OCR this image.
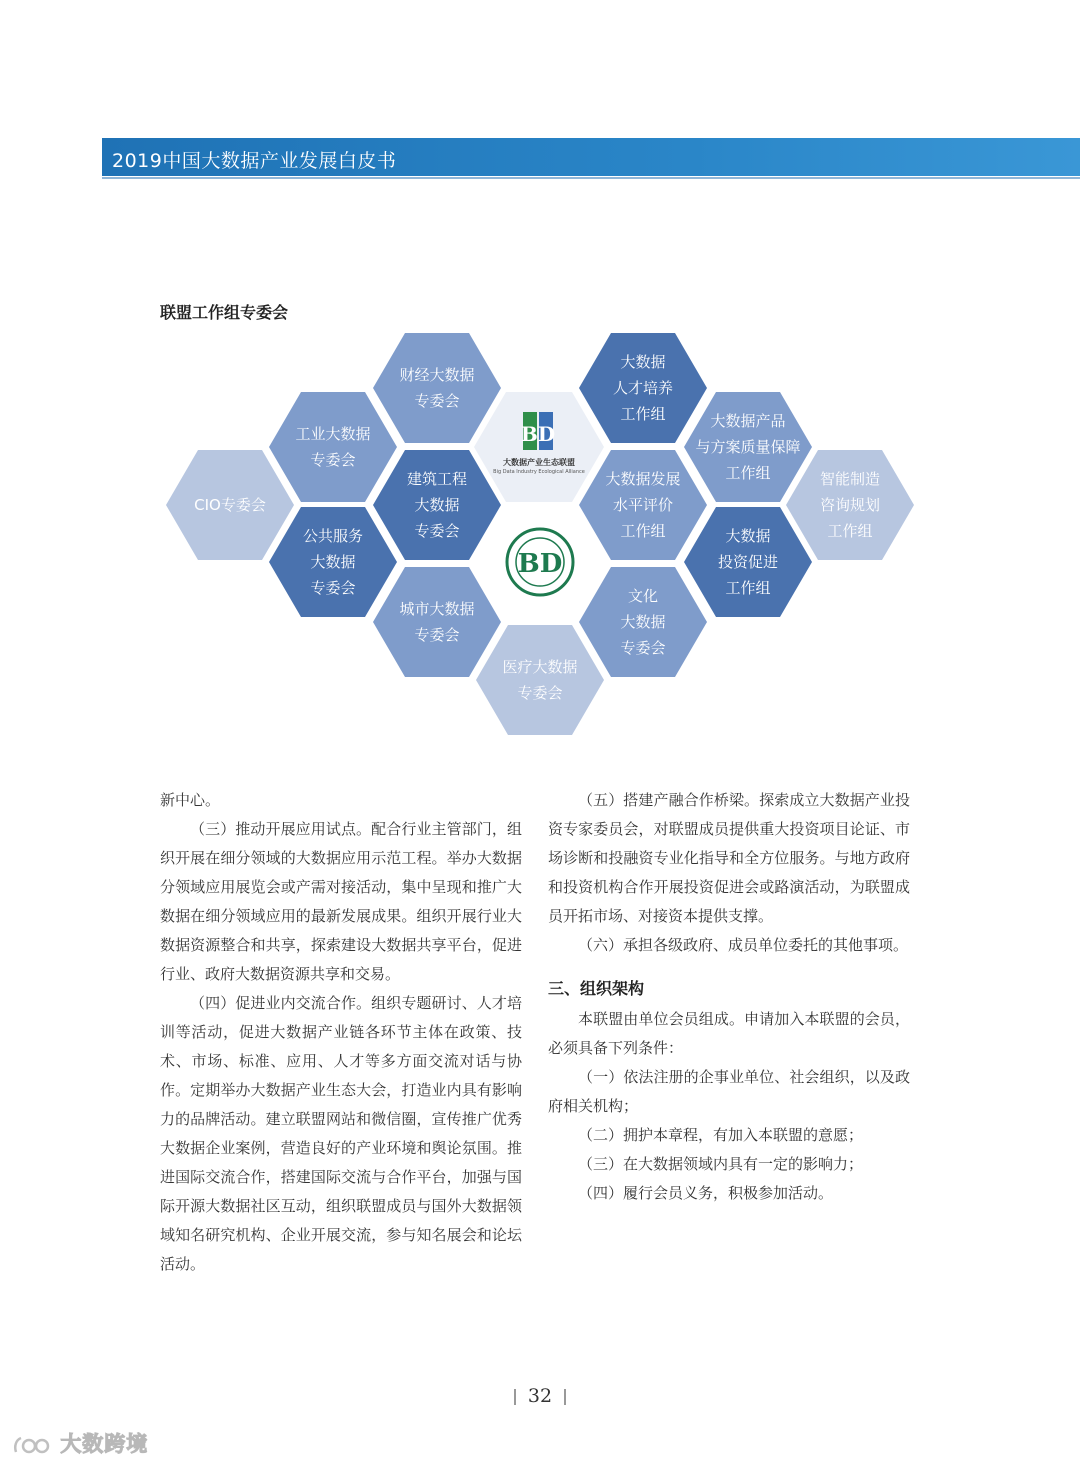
2019中国大数据产业发展白皮书
联盟工作组专委会
财经大数据
专委会
大数据
人才培养
工作组
工业大数据
专委会
大数据产品
与方案质量保障
工作组
CIO专委会
建筑工程
大数据
专委会
大数据发展
水平评价
工作组
智能制造
咨询规划
工作组
公共服务
大数据
专委会
大数据
投资促进
工作组
城市大数据
专委会
文化
大数据
专委会
医疗大数据
专委会
BD
大数据产业生态联盟
Big Data Industry Ecological Alliance
BD

新中心。

（三）推动开展应用试点。配合行业主管部门，组织开展在细分领域的大数据应用示范工程。举办大数据分领域应用展览会或产需对接活动，集中呈现和推广大数据在细分领域应用的最新发展成果。组织开展行业大数据资源整合和共享，探索建设大数据共享平台，促进行业、政府大数据资源共享和交易。

（四）促进业内交流合作。组织专题研讨、人才培训等活动，促进大数据产业链各环节主体在政策、技术、市场、标准、应用、人才等多方面交流对话与协作。定期举办大数据产业生态大会，打造业内具有影响力的品牌活动。建立联盟网站和微信圈，宣传推广优秀大数据企业案例，营造良好的产业环境和舆论氛围。推进国际交流合作，搭建国际交流与合作平台，加强与国际开源大数据社区互动，组织联盟成员与国外大数据领域知名研究机构、企业开展交流，参与知名展会和论坛活动。

（五）搭建产融合作桥梁。探索成立大数据产业投资专家委员会，对联盟成员提供重大投资项目论证、市场诊断和投融资专业化指导和全方位服务。与地方政府和投资机构合作开展投资促进会或路演活动，为联盟成员开拓市场、对接资本提供支撑。

（六）承担各级政府、成员单位委托的其他事项。

三、组织架构

本联盟由单位会员组成。申请加入本联盟的会员，必须具备下列条件：

（一）依法注册的企事业单位、社会组织，以及政府相关机构；

（二）拥护本章程，有加入本联盟的意愿；

（三）在大数据领域内具有一定的影响力；

（四）履行会员义务，积极参加活动。

32
大数跨境
